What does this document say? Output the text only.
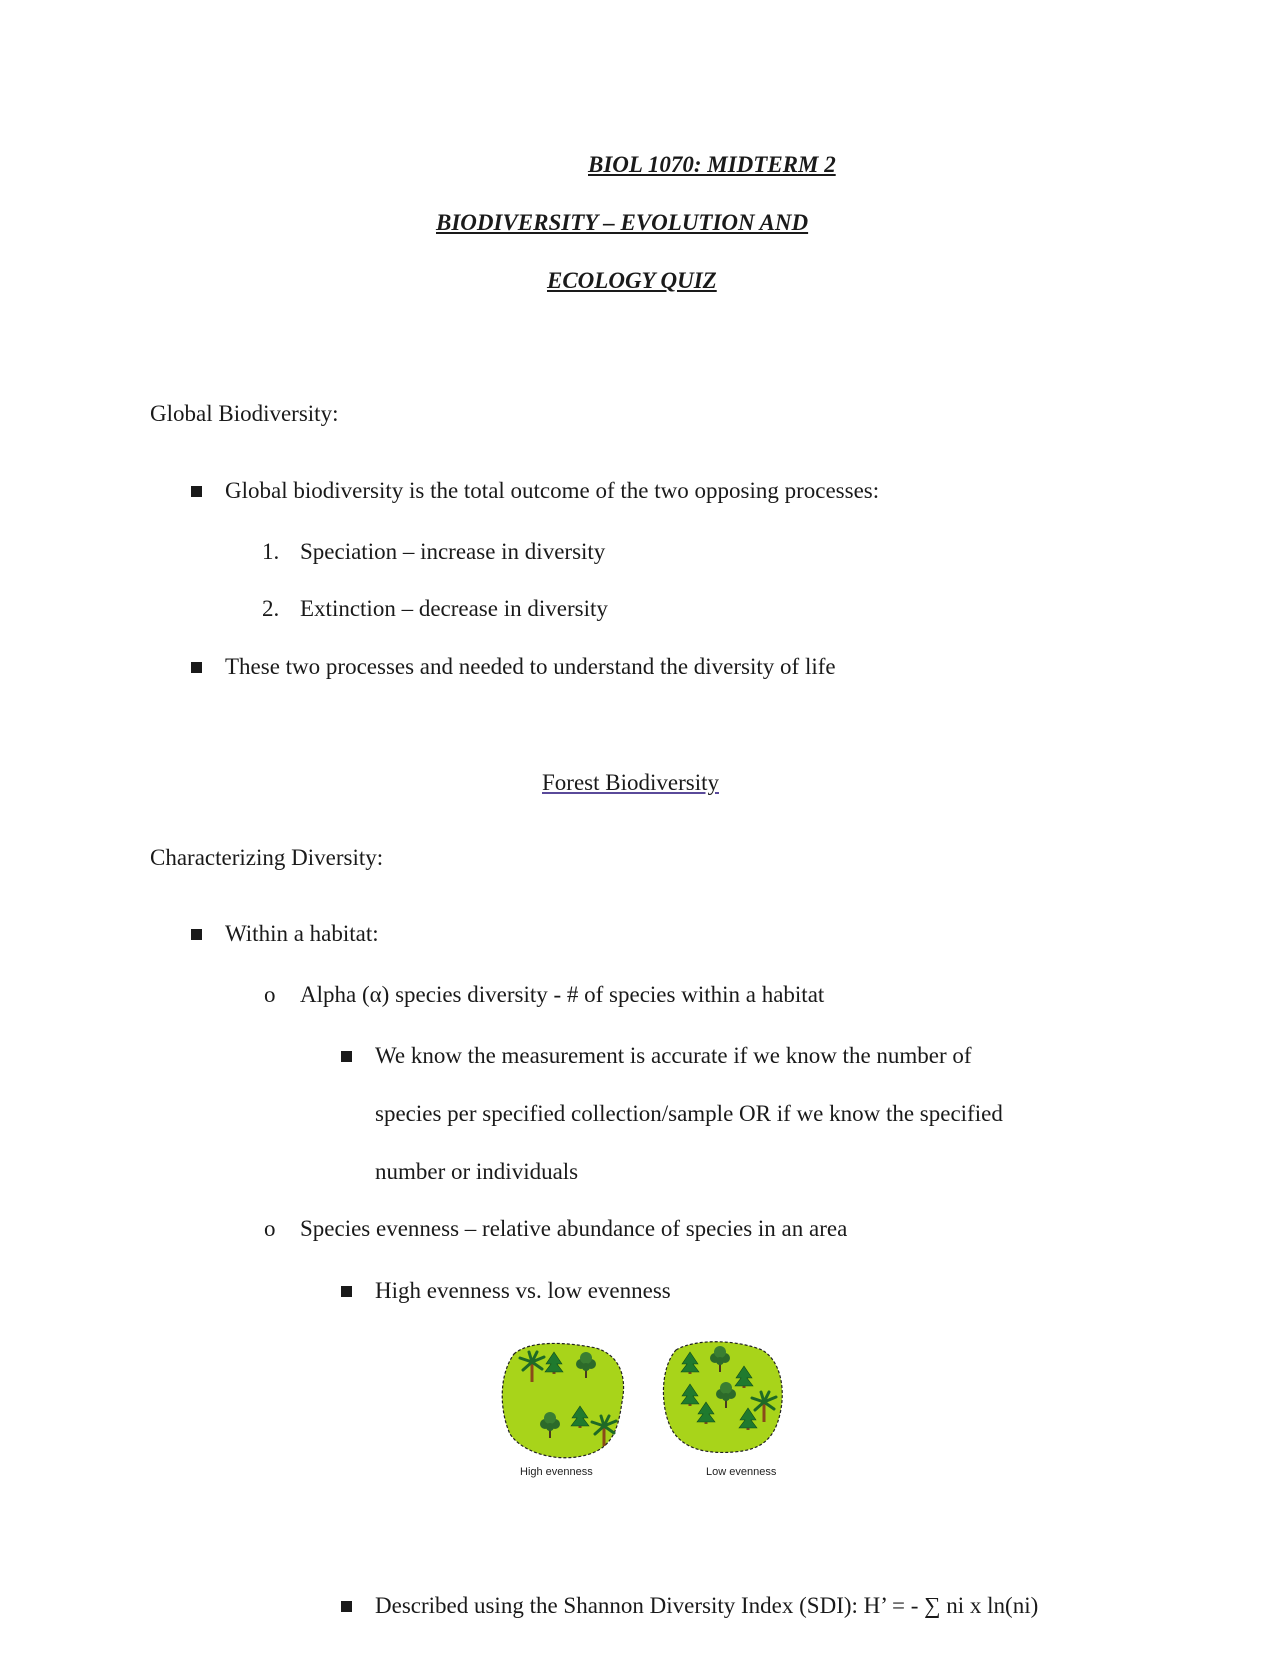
BIOL 1070: MIDTERM 2
BIODIVERSITY – EVOLUTION AND
ECOLOGY QUIZ
Global Biodiversity:
Global biodiversity is the total outcome of the two opposing processes:
1. Speciation – increase in diversity
2. Extinction – decrease in diversity
These two processes and needed to understand the diversity of life
Forest Biodiversity
Characterizing Diversity:
Within a habitat:
o Alpha (α) species diversity - # of species within a habitat
We know the measurement is accurate if we know the number of
species per specified collection/sample OR if we know the specified
number or individuals
o Species evenness – relative abundance of species in an area
High evenness vs. low evenness
High evenness	Low evenness
Described using the Shannon Diversity Index (SDI): H’ = - ∑ ni x ln(ni)
